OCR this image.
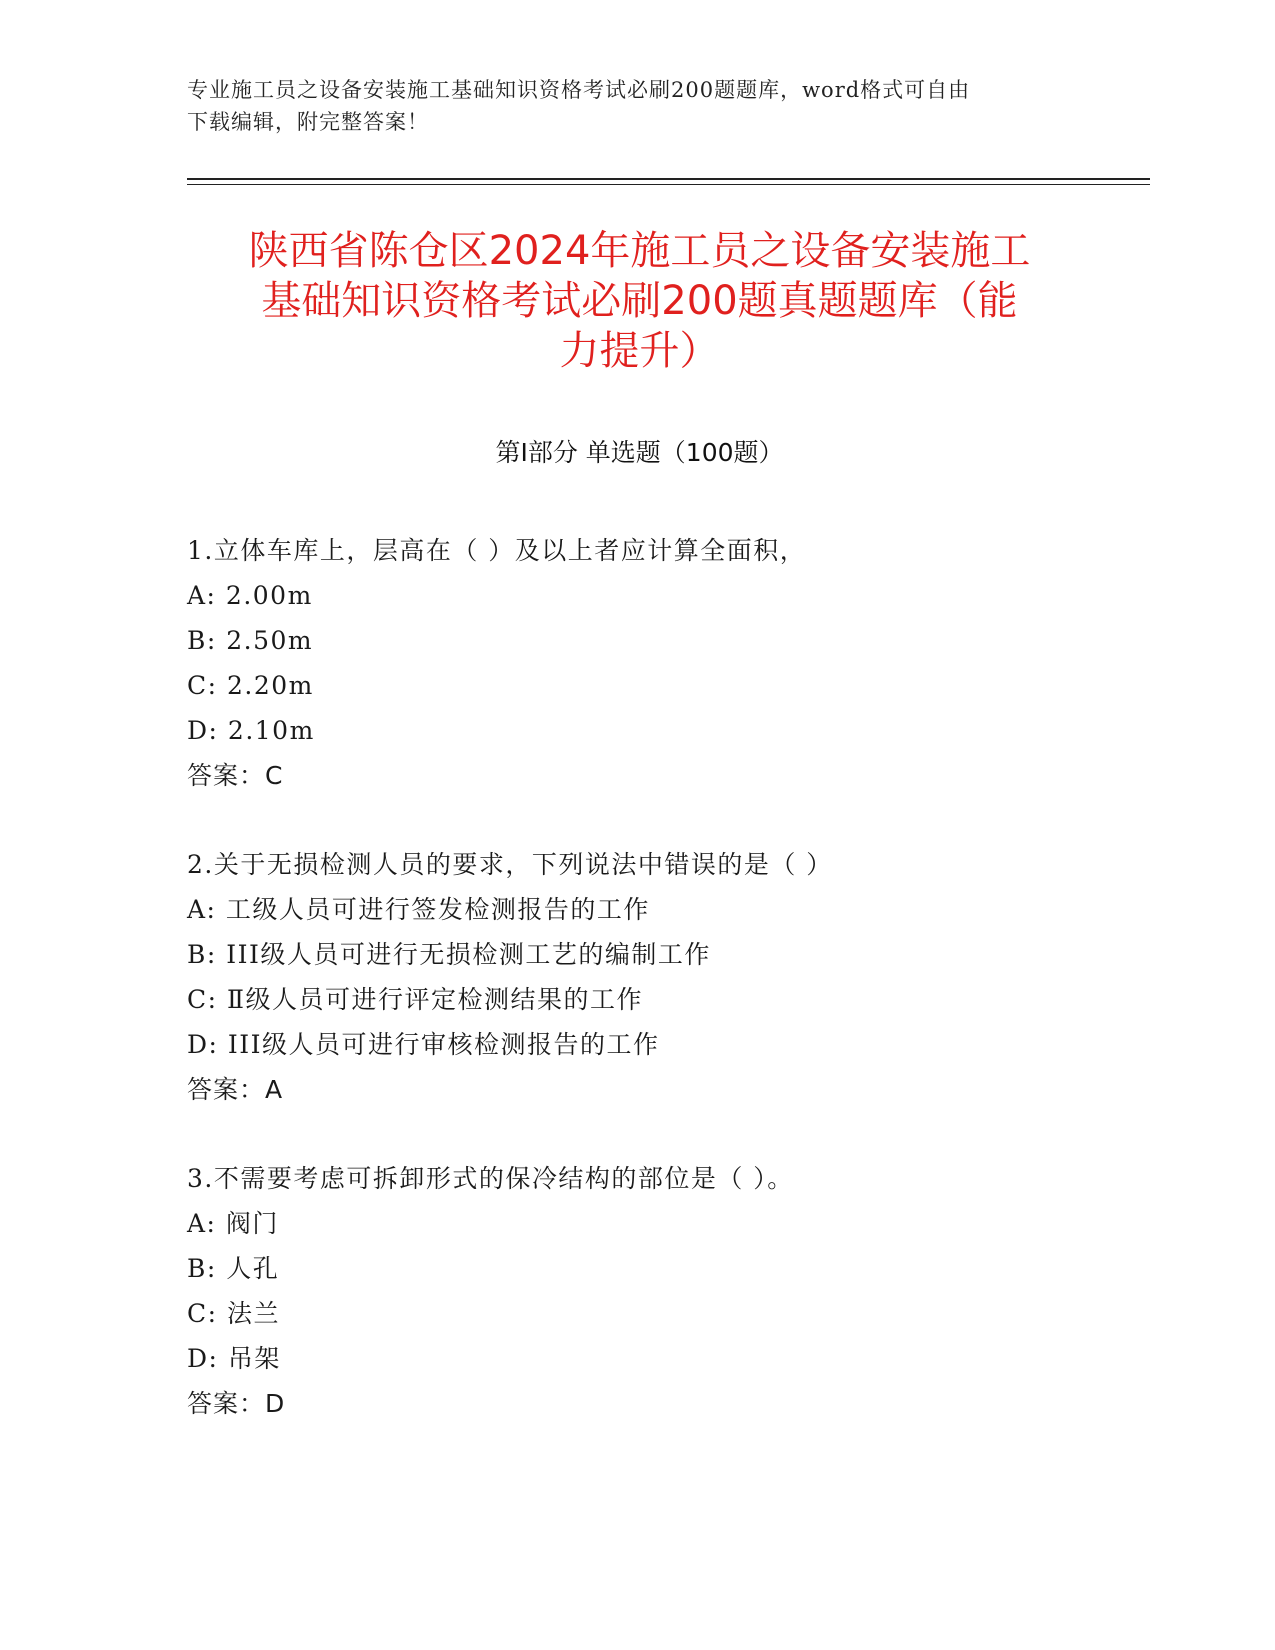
专业施工员之设备安装施工基础知识资格考试必刷200题题库，word格式可自由
下载编辑，附完整答案！
陕西省陈仓区2024年施工员之设备安装施工
基础知识资格考试必刷200题真题题库（能
力提升）
第Ⅰ部分 单选题（100题）
1.立体车库上，层高在（ ）及以上者应计算全面积，
A: 2.00m
B: 2.50m
C: 2.20m
D: 2.10m
答案：C
2.关于无损检测人员的要求，下列说法中错误的是（ ）
A: 工级人员可进行签发检测报告的工作
B: III级人员可进行无损检测工艺的编制工作
C: Ⅱ级人员可进行评定检测结果的工作
D: III级人员可进行审核检测报告的工作
答案：A
3.不需要考虑可拆卸形式的保冷结构的部位是（ ）。
A: 阀门
B: 人孔
C: 法兰
D: 吊架
答案：D
